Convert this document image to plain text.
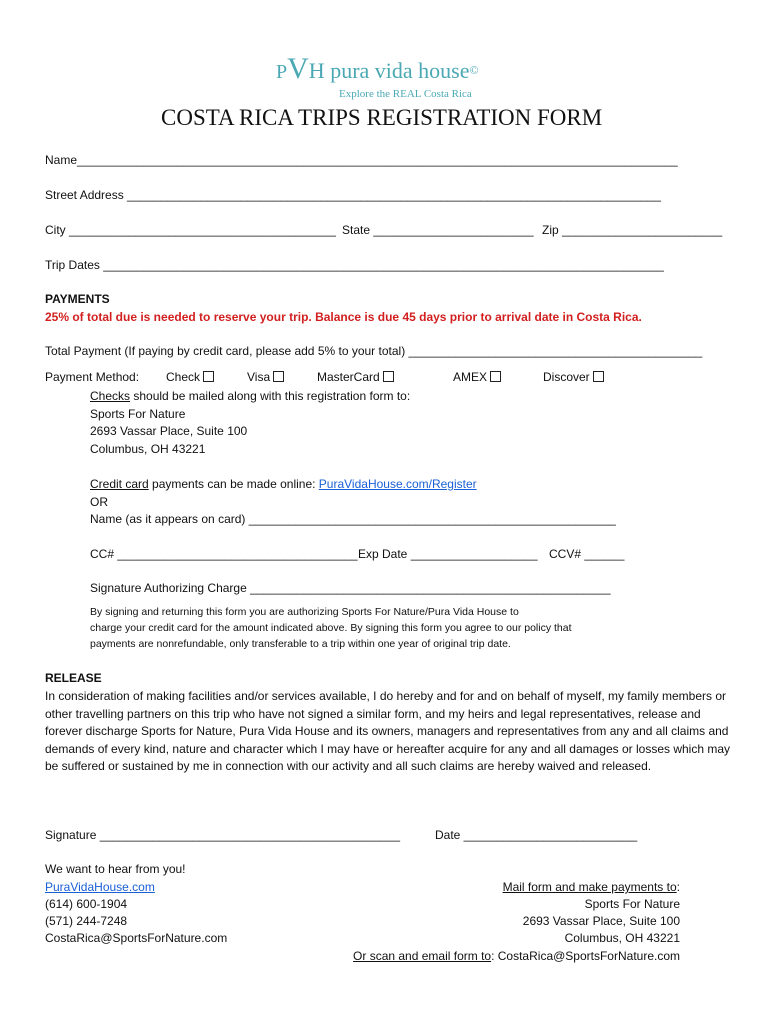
PVH pura vida house©
Explore the REAL Costa Rica
COSTA RICA TRIPS REGISTRATION FORM
Name__________________________________________________________________________________________
Street Address ________________________________________________________________________________
City ________________________________________ State ________________________ Zip ________________________
Trip Dates ____________________________________________________________________________________
PAYMENTS
25% of total due is needed to reserve your trip. Balance is due 45 days prior to arrival date in Costa Rica.
Total Payment (If paying by credit card, please add 5% to your total) ____________________________________________
Payment Method: Check	Visa	MasterCard	AMEX	Discover
Checks should be mailed along with this registration form to:
Sports For Nature
2693 Vassar Place, Suite 100
Columbus, OH 43221
Credit card payments can be made online: PuraVidaHouse.com/Register
OR
Name (as it appears on card) _______________________________________________________
CC# ____________________________________ Exp Date ___________________ CCV# ______
Signature Authorizing Charge ______________________________________________________
By signing and returning this form you are authorizing Sports For Nature/Pura Vida House to
charge your credit card for the amount indicated above. By signing this form you agree to our policy that
payments are nonrefundable, only transferable to a trip within one year of original trip date.
RELEASE
In consideration of making facilities and/or services available, I do hereby and for and on behalf of myself, my family members or other travelling partners on this trip who have not signed a similar form, and my heirs and legal representatives, release and forever discharge Sports for Nature, Pura Vida House and its owners, managers and representatives from any and all claims and demands of every kind, nature and character which I may have or hereafter acquire for any and all damages or losses which may be suffered or sustained by me in connection with our activity and all such claims are hereby waived and released.
Signature _____________________________________________	Date __________________________
We want to hear from you!
PuraVidaHouse.com
(614) 600-1904
(571) 244-7248
CostaRica@SportsForNature.com
Mail form and make payments to:
Sports For Nature
2693 Vassar Place, Suite 100
Columbus, OH 43221
Or scan and email form to: CostaRica@SportsForNature.com
